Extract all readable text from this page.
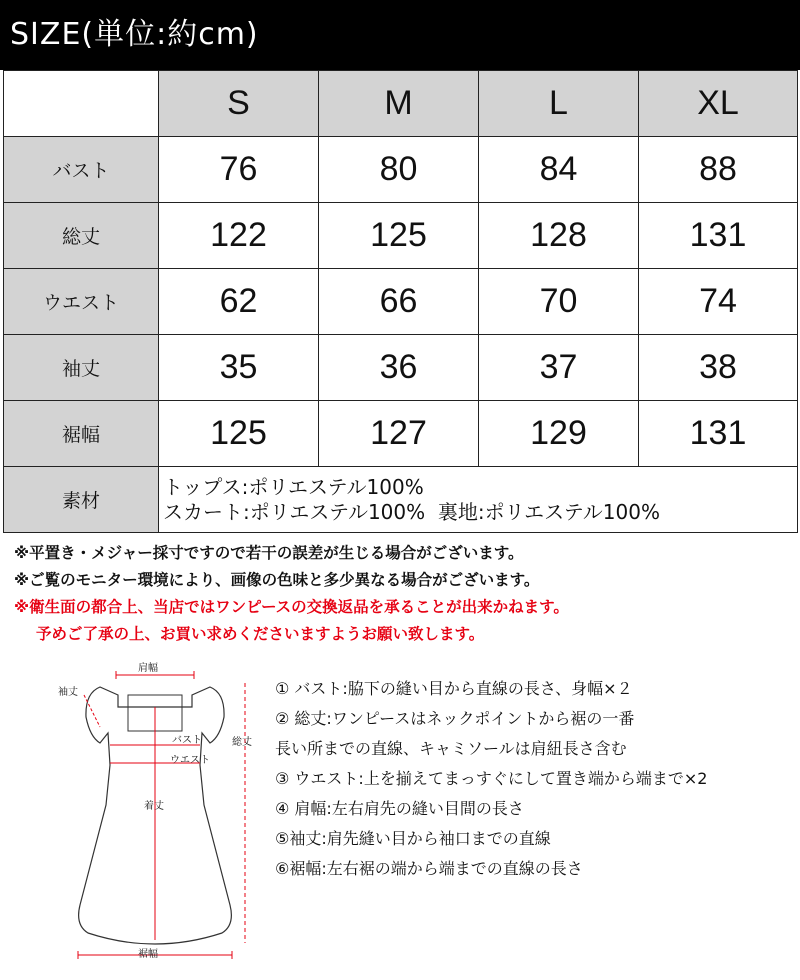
SIZE(単位:約cm)
	S	M	L	XL
バスト	76	80	84	88
総丈	122	125	128	131
ウエスト	62	66	70	74
袖丈	35	36	37	38
裾幅	125	127	129	131
素材	トップス:ポリエステル100%
スカート:ポリエステル100%  裏地:ポリエステル100%			
※平置き・メジャー採寸ですので若干の誤差が生じる場合がございます。
※ご覧のモニター環境により、画像の色味と多少異なる場合がございます。
※衛生面の都合上、当店ではワンピースの交換返品を承ることが出来かねます。
予めご了承の上、お買い求めくださいますようお願い致します。
肩幅
袖丈
バスト
ウエスト
着丈
総丈
裾幅
① バスト:脇下の縫い目から直線の長さ、身幅×２
② 総丈:ワンピースはネックポイントから裾の一番
長い所までの直線、キャミソールは肩紐長さ含む
③ ウエスト:上を揃えてまっすぐにして置き端から端まで×2
④ 肩幅:左右肩先の縫い目間の長さ
⑤袖丈:肩先縫い目から袖口までの直線
⑥裾幅:左右裾の端から端までの直線の長さ
